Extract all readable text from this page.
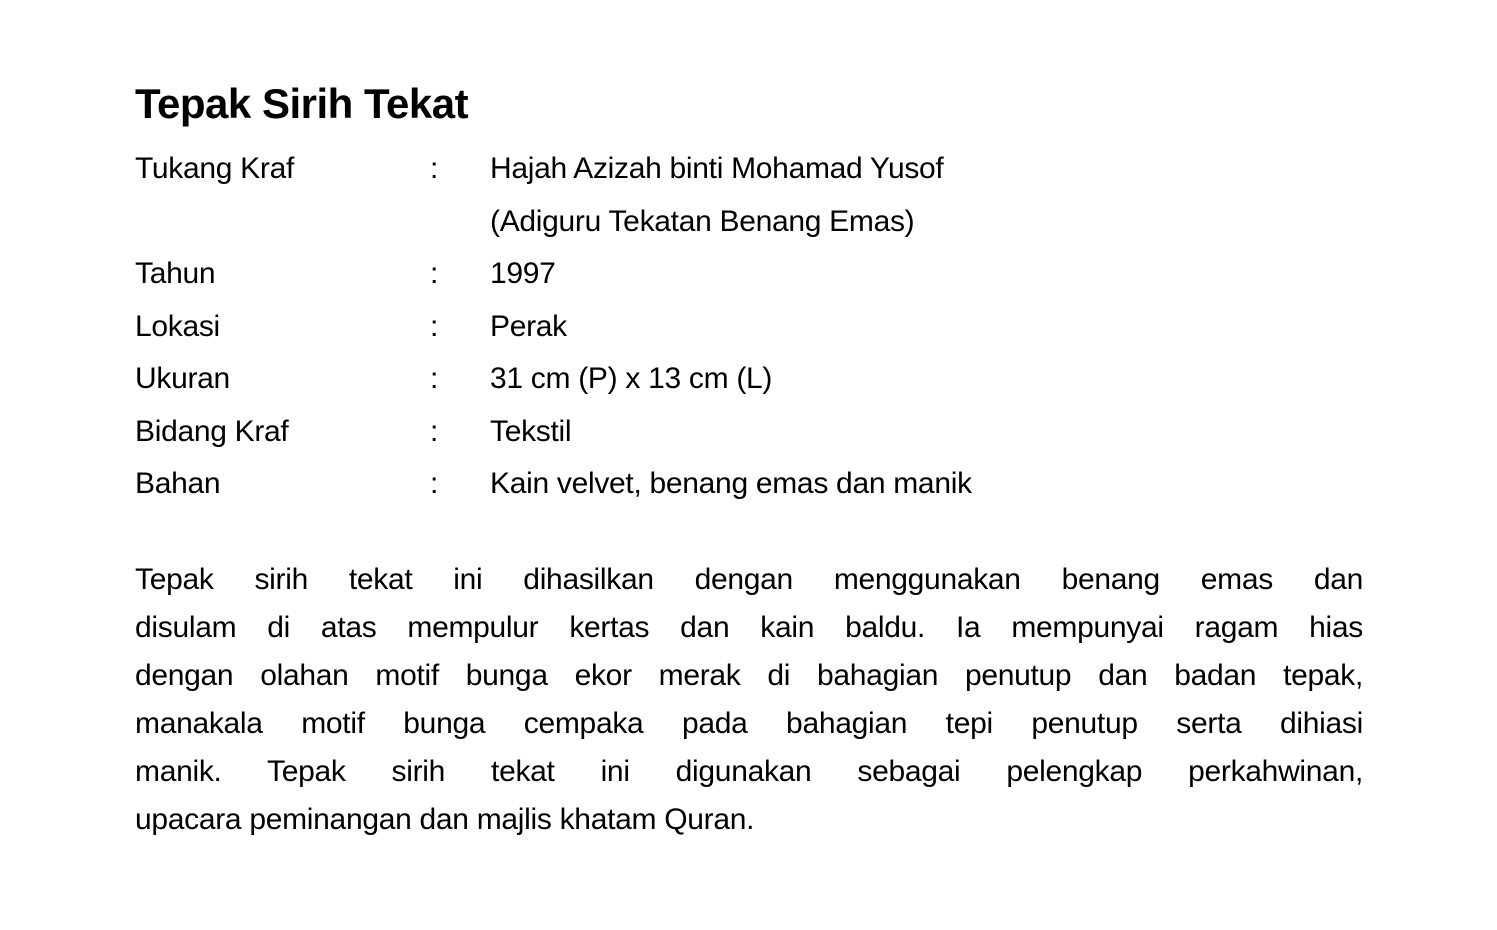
Tepak Sirih Tekat
Tukang Kraf	:	Hajah Azizah binti Mohamad Yusof
(Adiguru Tekatan Benang Emas)
Tahun	:	1997
Lokasi	:	Perak
Ukuran	:	31 cm (P) x 13 cm (L)
Bidang Kraf	:	Tekstil
Bahan	:	Kain velvet, benang emas dan manik
Tepak sirih tekat ini dihasilkan dengan menggunakan benang emas dan
disulam di atas mempulur kertas dan kain baldu. Ia mempunyai ragam hias
dengan olahan motif bunga ekor merak di bahagian penutup dan badan tepak,
manakala motif bunga cempaka pada bahagian tepi penutup serta dihiasi
manik. Tepak sirih tekat ini digunakan sebagai pelengkap perkahwinan,
upacara peminangan dan majlis khatam Quran.
